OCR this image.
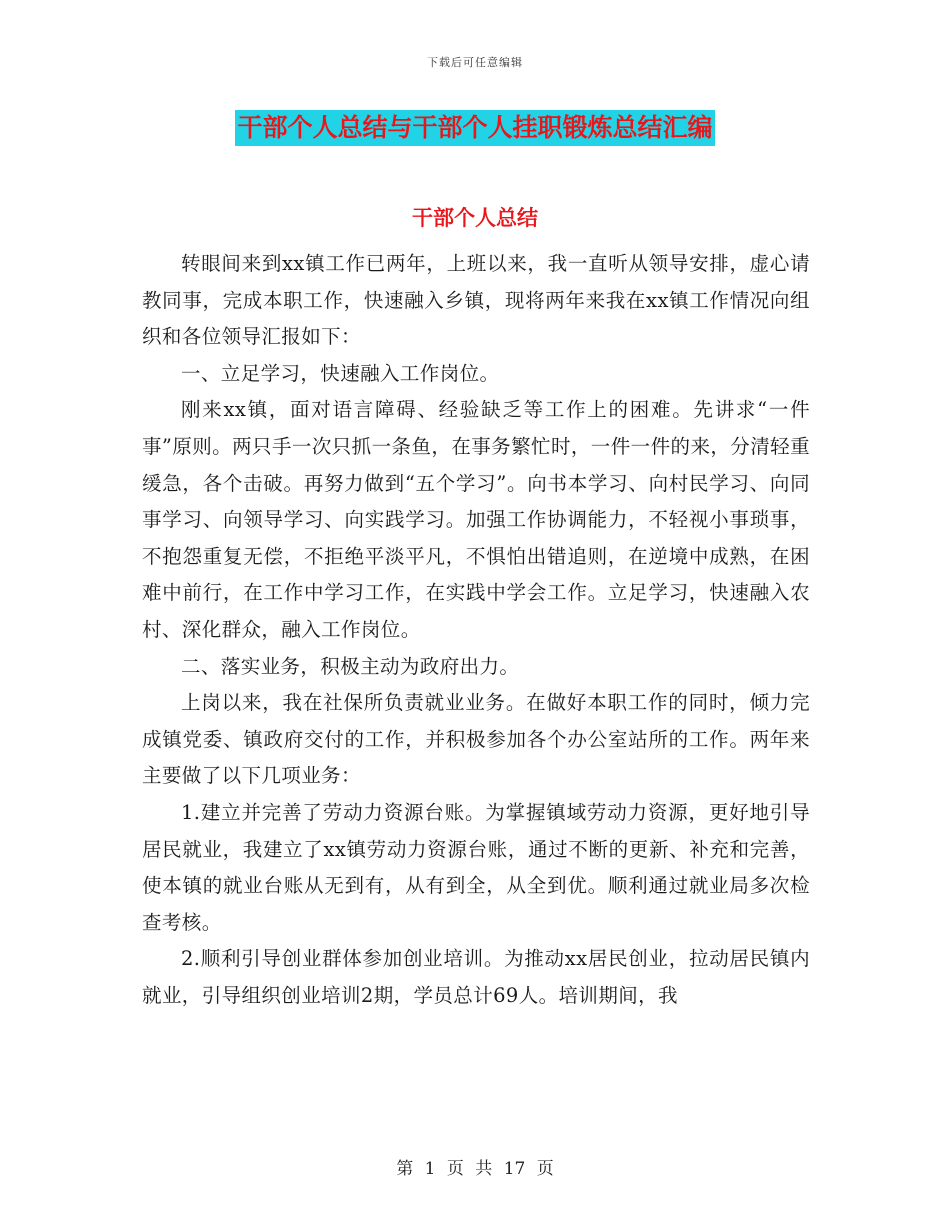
下载后可任意编辑
干部个人总结与干部个人挂职锻炼总结汇编
干部个人总结

转眼间来到xx镇工作已两年，上班以来，我一直听从领导安排，虚心请教同事，完成本职工作，快速融入乡镇，现将两年来我在xx镇工作情况向组织和各位领导汇报如下：

一、立足学习，快速融入工作岗位。

刚来xx镇，面对语言障碍、经验缺乏等工作上的困难。先讲求“一件事”原则。两只手一次只抓一条鱼，在事务繁忙时，一件一件的来，分清轻重缓急，各个击破。再努力做到“五个学习”。向书本学习、向村民学习、向同事学习、向领导学习、向实践学习。加强工作协调能力，不轻视小事琐事，不抱怨重复无偿，不拒绝平淡平凡，不惧怕出错追则，在逆境中成熟，在困难中前行，在工作中学习工作，在实践中学会工作。立足学习，快速融入农村、深化群众，融入工作岗位。

二、落实业务，积极主动为政府出力。

上岗以来，我在社保所负责就业业务。在做好本职工作的同时，倾力完成镇党委、镇政府交付的工作，并积极参加各个办公室站所的工作。两年来主要做了以下几项业务：

1.建立并完善了劳动力资源台账。为掌握镇域劳动力资源，更好地引导居民就业，我建立了xx镇劳动力资源台账，通过不断的更新、补充和完善，使本镇的就业台账从无到有，从有到全，从全到优。顺利通过就业局多次检查考核。

2.顺利引导创业群体参加创业培训。为推动xx居民创业，拉动居民镇内就业，引导组织创业培训2期，学员总计69人。培训期间，我

第 1 页 共 17 页
